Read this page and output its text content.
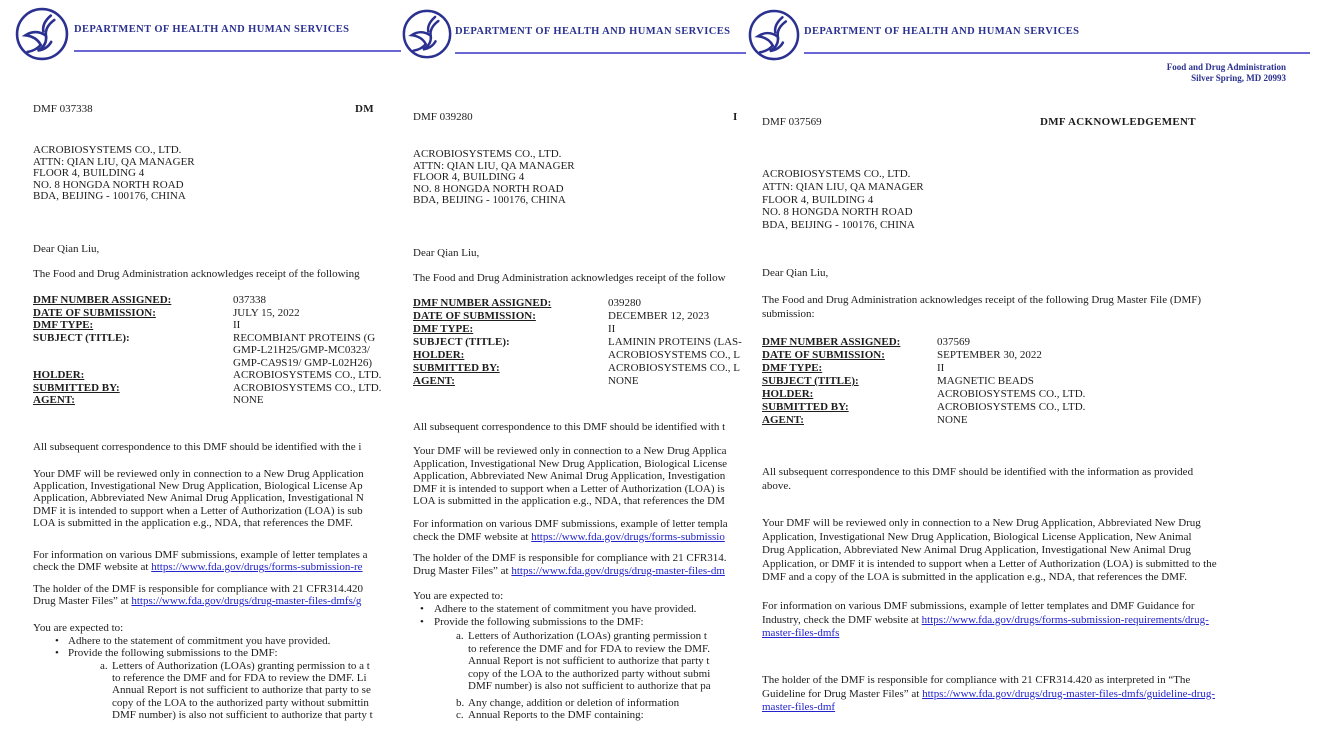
DEPARTMENT OF HEALTH AND HUMAN SERVICES
DMF 037338	DM
ACROBIOSYSTEMS CO., LTD.
ATTN: QIAN LIU, QA MANAGER
FLOOR 4, BUILDING 4
NO. 8 HONGDA NORTH ROAD
BDA, BEIJING - 100176, CHINA
Dear Qian Liu,
The Food and Drug Administration acknowledges receipt of the following
DMF NUMBER ASSIGNED:	037338
DATE OF SUBMISSION:	JULY 15, 2022
DMF TYPE:	II
SUBJECT (TITLE):	RECOMBIANT PROTEINS (G
GMP-L21H25/GMP-MC0323/
GMP-CA9S19/ GMP-L02H26)
HOLDER:	ACROBIOSYSTEMS CO., LTD.
SUBMITTED BY:	ACROBIOSYSTEMS CO., LTD.
AGENT:	NONE
All subsequent correspondence to this DMF should be identified with the i
Your DMF will be reviewed only in connection to a New Drug Application
Application, Investigational New Drug Application, Biological License Ap
Application, Abbreviated New Animal Drug Application, Investigational N
DMF it is intended to support when a Letter of Authorization (LOA) is sub
LOA is submitted in the application e.g., NDA, that references the DMF.
For information on various DMF submissions, example of letter templates a
check the DMF website at https://www.fda.gov/drugs/forms-submission-re
The holder of the DMF is responsible for compliance with 21 CFR314.420
Drug Master Files” at https://www.fda.gov/drugs/drug-master-files-dmfs/g
You are expected to:
• Adhere to the statement of commitment you have provided.
• Provide the following submissions to the DMF:
a. Letters of Authorization (LOAs) granting permission to a t
to reference the DMF and for FDA to review the DMF. Li
Annual Report is not sufficient to authorize that party to se
copy of the LOA to the authorized party without submittin
DMF number) is also not sufficient to authorize that party t
DEPARTMENT OF HEALTH AND HUMAN SERVICES
DMF 039280	I
ACROBIOSYSTEMS CO., LTD.
ATTN: QIAN LIU, QA MANAGER
FLOOR 4, BUILDING 4
NO. 8 HONGDA NORTH ROAD
BDA, BEIJING - 100176, CHINA
Dear Qian Liu,
The Food and Drug Administration acknowledges receipt of the follow
DMF NUMBER ASSIGNED:	039280
DATE OF SUBMISSION:	DECEMBER 12, 2023
DMF TYPE:	II
SUBJECT (TITLE):	LAMININ PROTEINS (LAS-
HOLDER:	ACROBIOSYSTEMS CO., L
SUBMITTED BY:	ACROBIOSYSTEMS CO., L
AGENT:	NONE
All subsequent correspondence to this DMF should be identified with t
Your DMF will be reviewed only in connection to a New Drug Applica
Application, Investigational New Drug Application, Biological License
Application, Abbreviated New Animal Drug Application, Investigation
DMF it is intended to support when a Letter of Authorization (LOA) is
LOA is submitted in the application e.g., NDA, that references the DM
For information on various DMF submissions, example of letter templa
check the DMF website at https://www.fda.gov/drugs/forms-submissio
The holder of the DMF is responsible for compliance with 21 CFR314.
Drug Master Files” at https://www.fda.gov/drugs/drug-master-files-dm
You are expected to:
• Adhere to the statement of commitment you have provided.
• Provide the following submissions to the DMF:
a. Letters of Authorization (LOAs) granting permission t
to reference the DMF and for FDA to review the DMF.
Annual Report is not sufficient to authorize that party t
copy of the LOA to the authorized party without submi
DMF number) is also not sufficient to authorize that pa
b. Any change, addition or deletion of information
c. Annual Reports to the DMF containing:
DEPARTMENT OF HEALTH AND HUMAN SERVICES
Food and Drug Administration
Silver Spring, MD 20993
DMF 037569	DMF ACKNOWLEDGEMENT
ACROBIOSYSTEMS CO., LTD.
ATTN: QIAN LIU, QA MANAGER
FLOOR 4, BUILDING 4
NO. 8 HONGDA NORTH ROAD
BDA, BEIJING - 100176, CHINA
Dear Qian Liu,
The Food and Drug Administration acknowledges receipt of the following Drug Master File (DMF)
submission:
DMF NUMBER ASSIGNED:	037569
DATE OF SUBMISSION:	SEPTEMBER 30, 2022
DMF TYPE:	II
SUBJECT (TITLE):	MAGNETIC BEADS
HOLDER:	ACROBIOSYSTEMS CO., LTD.
SUBMITTED BY:	ACROBIOSYSTEMS CO., LTD.
AGENT:	NONE
All subsequent correspondence to this DMF should be identified with the information as provided
above.
Your DMF will be reviewed only in connection to a New Drug Application, Abbreviated New Drug
Application, Investigational New Drug Application, Biological License Application, New Animal
Drug Application, Abbreviated New Animal Drug Application, Investigational New Animal Drug
Application, or DMF it is intended to support when a Letter of Authorization (LOA) is submitted to the
DMF and a copy of the LOA is submitted in the application e.g., NDA, that references the DMF.
For information on various DMF submissions, example of letter templates and DMF Guidance for
Industry, check the DMF website at https://www.fda.gov/drugs/forms-submission-requirements/drug-
master-files-dmfs
The holder of the DMF is responsible for compliance with 21 CFR314.420 as interpreted in “The
Guideline for Drug Master Files” at https://www.fda.gov/drugs/drug-master-files-dmfs/guideline-drug-
master-files-dmf
